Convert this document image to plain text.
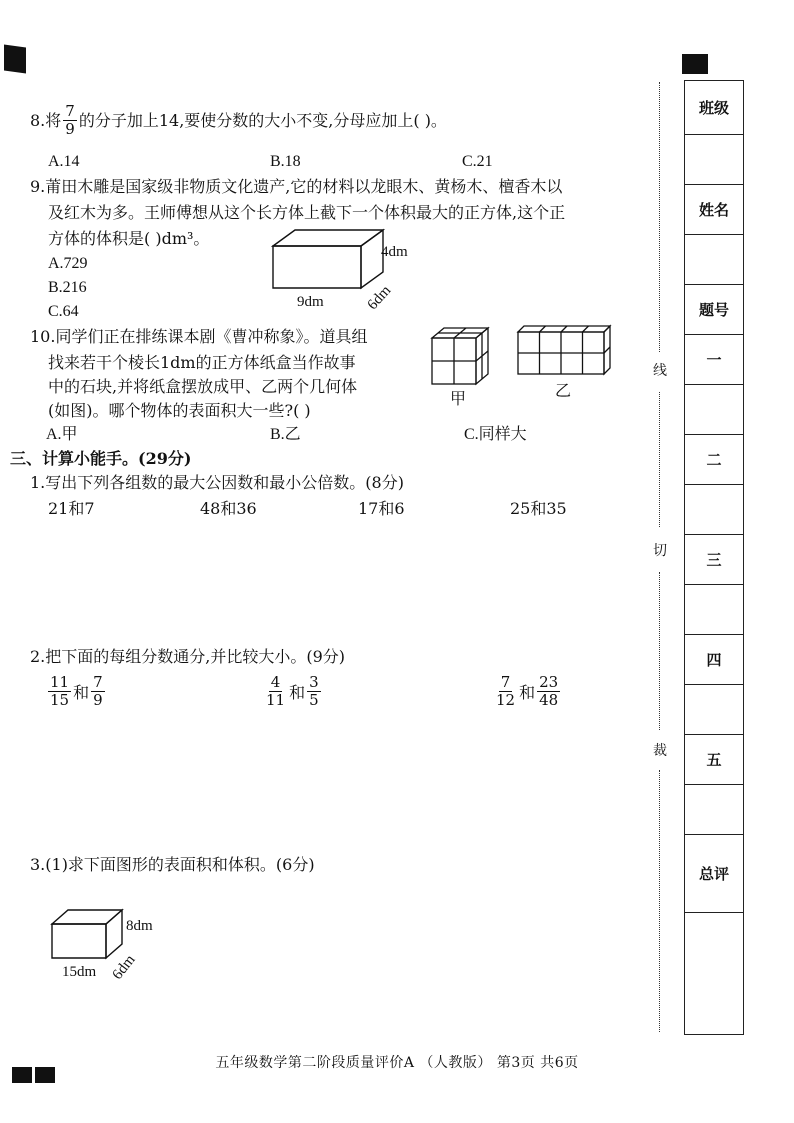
8.将 $\frac{7}{9}$ 的分子加上14,要使分数的大小不变,分母应加上( )。
A.14	B.18	C.21
9.莆田木雕是国家级非物质文化遗产,它的材料以龙眼木、黄杨木、檀香木以
及红木为多。王师傅想从这个长方体上截下一个体积最大的正方体,这个正
方体的体积是( )dm³。
A.729
B.216
C.64
4dm
9dm	6dm
10.同学们正在排练课本剧《曹冲称象》。道具组
找来若干个棱长1dm的正方体纸盒当作故事
中的石块,并将纸盒摆放成甲、乙两个几何体
(如图)。哪个物体的表面积大一些?( )
A.甲	B.乙	C.同样大
甲	乙
三、计算小能手。(29分)
1.写出下列各组数的最大公因数和最小公倍数。(8分)
21和7	48和36	17和6	25和35
2.把下面的每组分数通分,并比较大小。(9分)
$\frac{11}{15}$ 和 $\frac{7}{9}$	$\frac{4}{11}$ 和 $\frac{3}{5}$	$\frac{7}{12}$ 和 $\frac{23}{48}$
3.(1)求下面图形的表面积和体积。(6分)
8dm
15dm 6dm
线
切
裁
班级
姓名
题号
一
二
三
四
五
总评
五年级数学第二阶段质量评价A （人教版） 第3页 共6页
